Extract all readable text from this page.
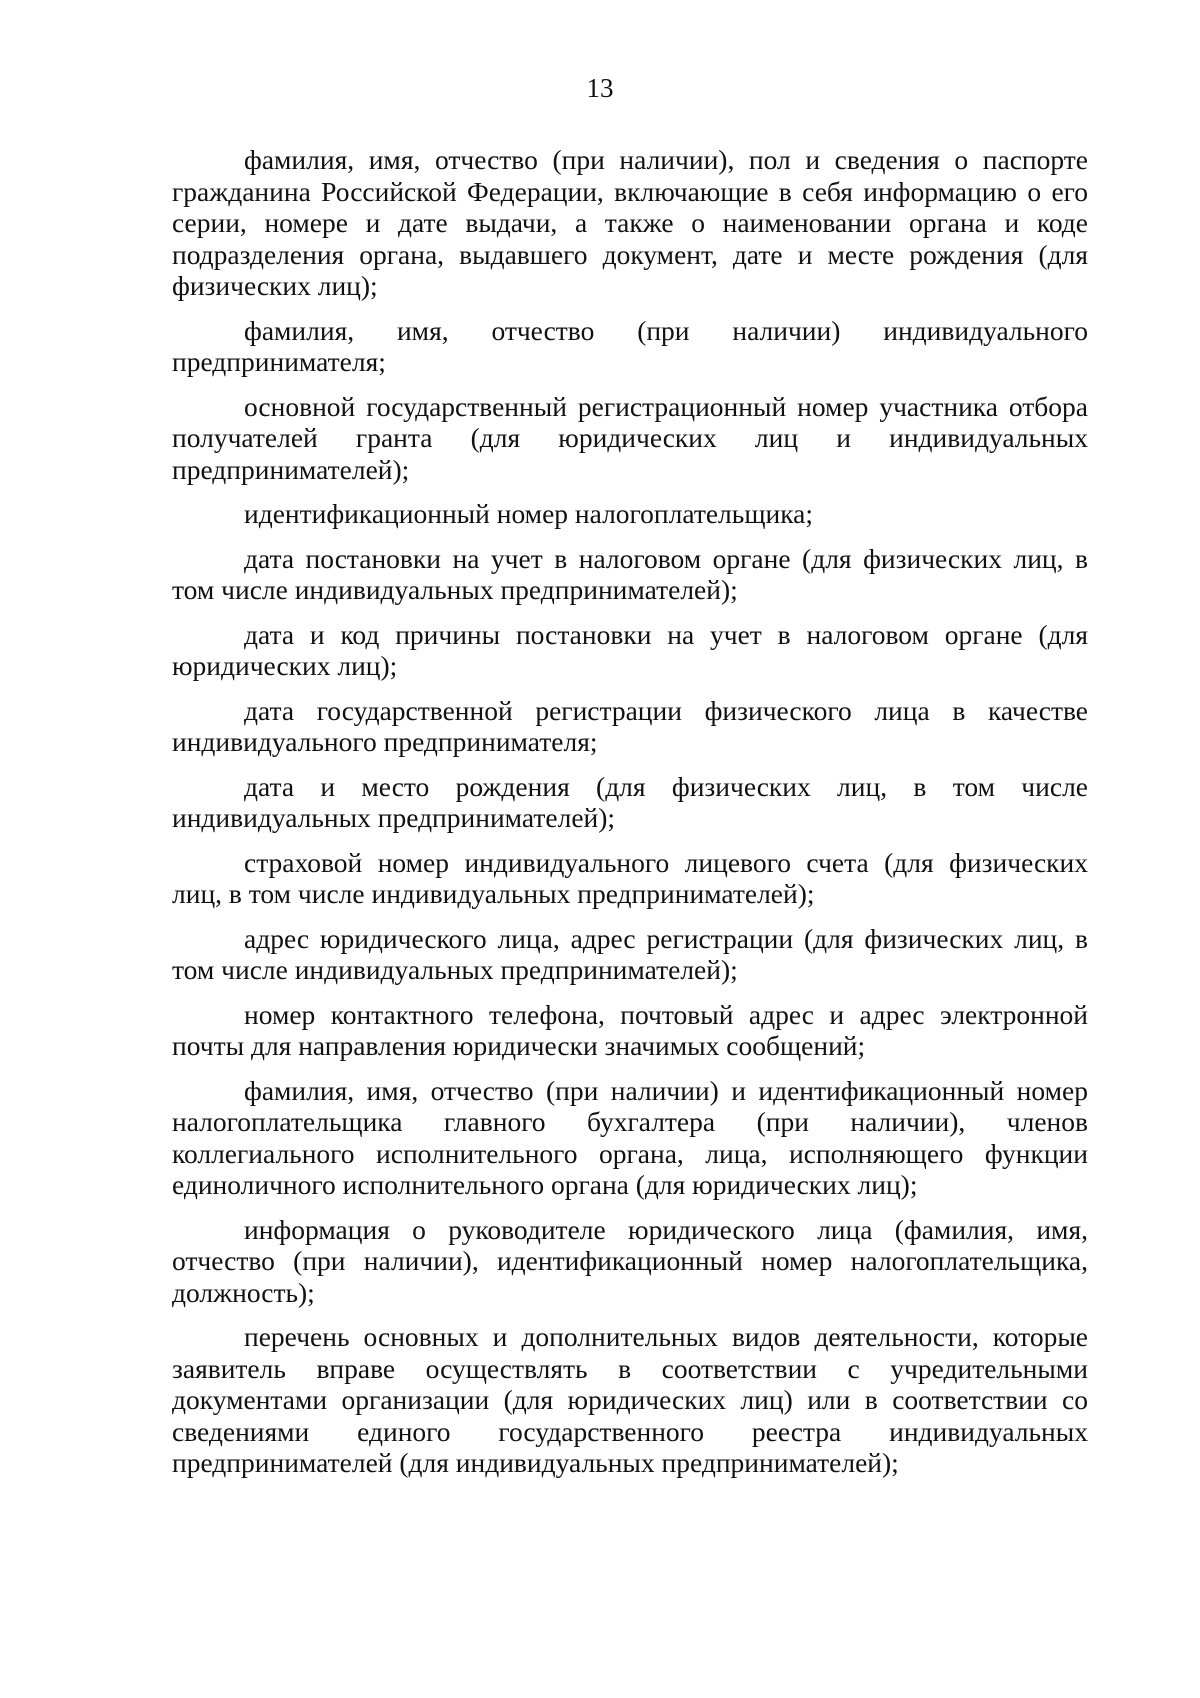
13

фамилия, имя, отчество (при наличии), пол и сведения о паспорте гражданина Российской Федерации, включающие в себя информацию о его серии, номере и дате выдачи, а также о наименовании органа и коде подразделения органа, выдавшего документ, дате и месте рождения (для физических лиц);

фамилия, имя, отчество (при наличии) индивидуального предпринимателя;

основной государственный регистрационный номер участника отбора получателей гранта (для юридических лиц и индивидуальных предпринимателей);

идентификационный номер налогоплательщика;

дата постановки на учет в налоговом органе (для физических лиц, в том числе индивидуальных предпринимателей);

дата и код причины постановки на учет в налоговом органе (для юридических лиц);

дата государственной регистрации физического лица в качестве индивидуального предпринимателя;

дата и место рождения (для физических лиц, в том числе индивидуальных предпринимателей);

страховой номер индивидуального лицевого счета (для физических лиц, в том числе индивидуальных предпринимателей);

адрес юридического лица, адрес регистрации (для физических лиц, в том числе индивидуальных предпринимателей);

номер контактного телефона, почтовый адрес и адрес электронной почты для направления юридически значимых сообщений;

фамилия, имя, отчество (при наличии) и идентификационный номер налогоплательщика главного бухгалтера (при наличии), членов коллегиального исполнительного органа, лица, исполняющего функции единоличного исполнительного органа (для юридических лиц);

информация о руководителе юридического лица (фамилия, имя, отчество (при наличии), идентификационный номер налогоплательщика, должность);

перечень основных и дополнительных видов деятельности, которые заявитель вправе осуществлять в соответствии с учредительными документами организации (для юридических лиц) или в соответствии со сведениями единого государственного реестра индивидуальных предпринимателей (для индивидуальных предпринимателей);
